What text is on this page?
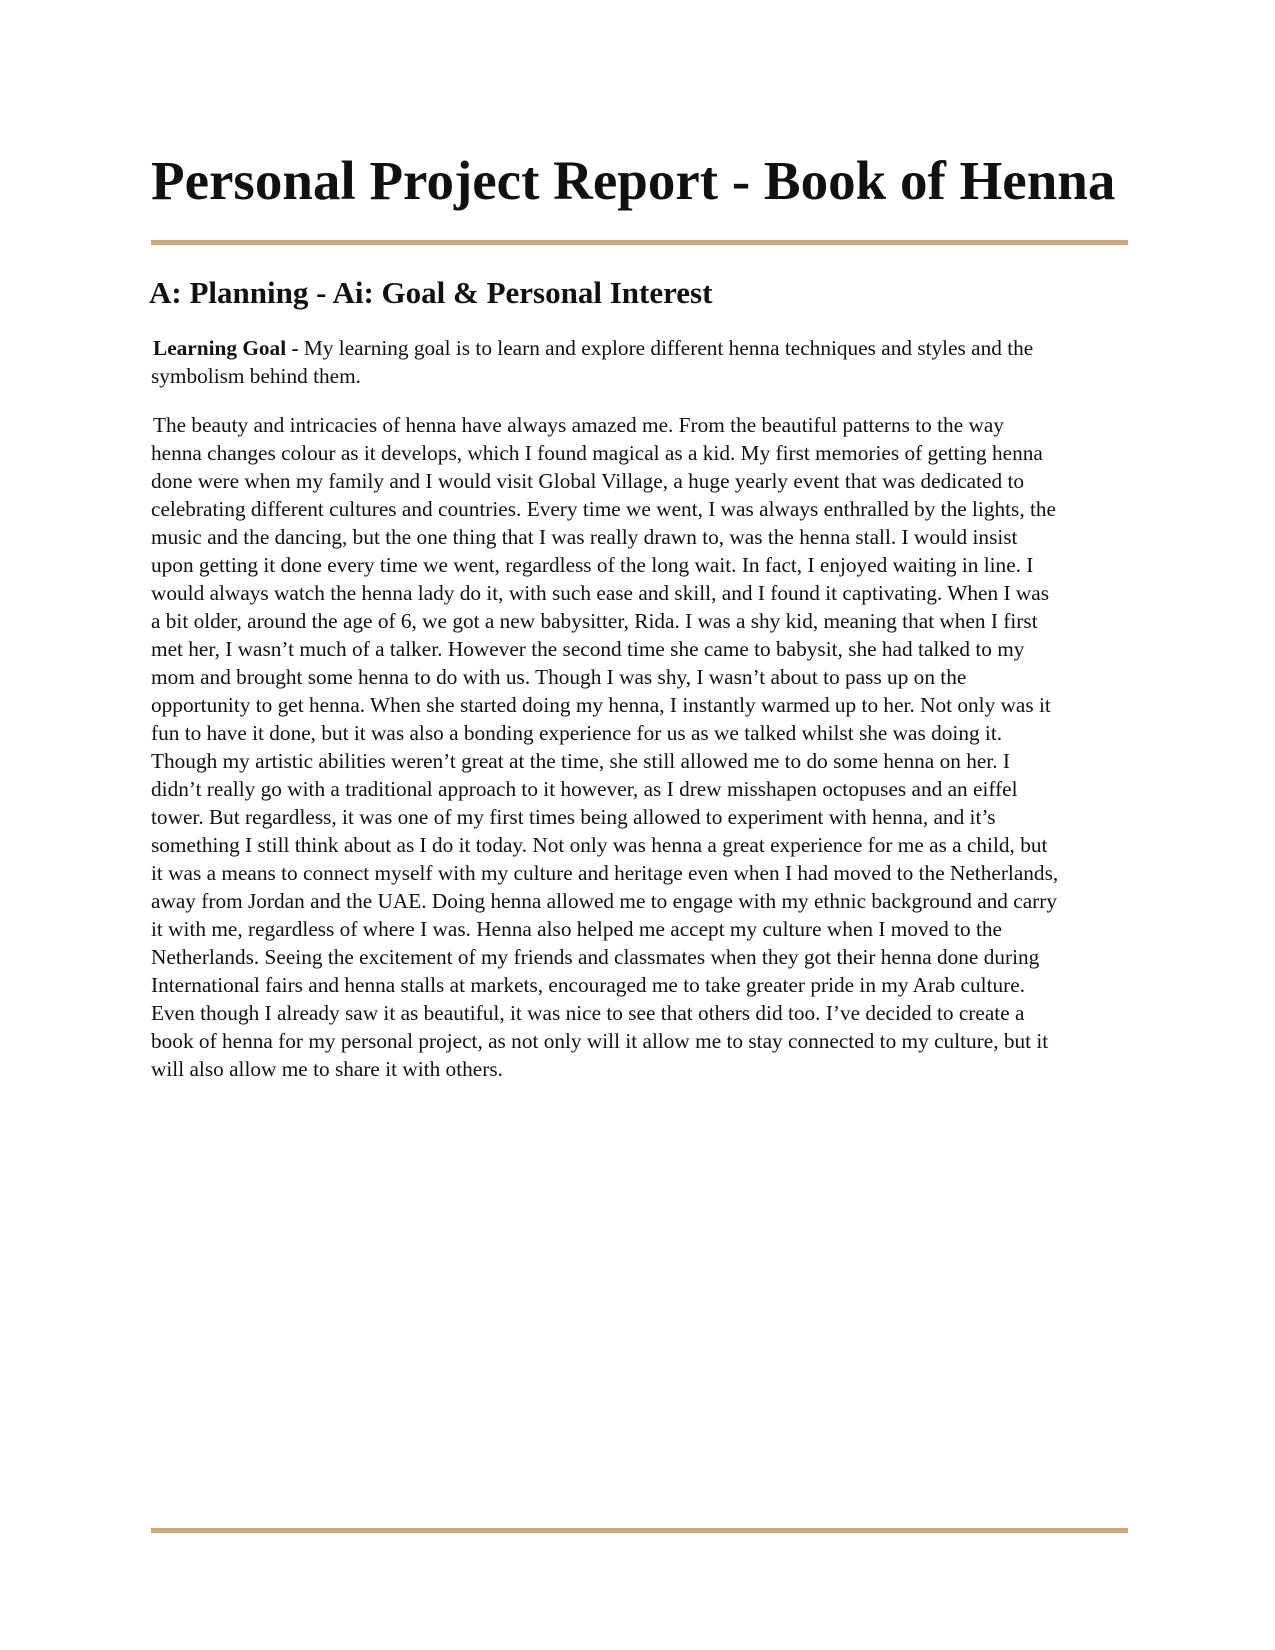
Personal Project Report - Book of Henna
A: Planning - Ai: Goal & Personal Interest

Learning Goal - My learning goal is to learn and explore different henna techniques and styles and the
symbolism behind them.

The beauty and intricacies of henna have always amazed me. From the beautiful patterns to the way
henna changes colour as it develops, which I found magical as a kid. My first memories of getting henna
done were when my family and I would visit Global Village, a huge yearly event that was dedicated to
celebrating different cultures and countries. Every time we went, I was always enthralled by the lights, the
music and the dancing, but the one thing that I was really drawn to, was the henna stall. I would insist
upon getting it done every time we went, regardless of the long wait. In fact, I enjoyed waiting in line. I
would always watch the henna lady do it, with such ease and skill, and I found it captivating. When I was
a bit older, around the age of 6, we got a new babysitter, Rida. I was a shy kid, meaning that when I first
met her, I wasn’t much of a talker. However the second time she came to babysit, she had talked to my
mom and brought some henna to do with us. Though I was shy, I wasn’t about to pass up on the
opportunity to get henna. When she started doing my henna, I instantly warmed up to her. Not only was it
fun to have it done, but it was also a bonding experience for us as we talked whilst she was doing it.
Though my artistic abilities weren’t great at the time, she still allowed me to do some henna on her. I
didn’t really go with a traditional approach to it however, as I drew misshapen octopuses and an eiffel
tower. But regardless, it was one of my first times being allowed to experiment with henna, and it’s
something I still think about as I do it today. Not only was henna a great experience for me as a child, but
it was a means to connect myself with my culture and heritage even when I had moved to the Netherlands,
away from Jordan and the UAE. Doing henna allowed me to engage with my ethnic background and carry
it with me, regardless of where I was. Henna also helped me accept my culture when I moved to the
Netherlands. Seeing the excitement of my friends and classmates when they got their henna done during
International fairs and henna stalls at markets, encouraged me to take greater pride in my Arab culture.
Even though I already saw it as beautiful, it was nice to see that others did too. I’ve decided to create a
book of henna for my personal project, as not only will it allow me to stay connected to my culture, but it
will also allow me to share it with others.
